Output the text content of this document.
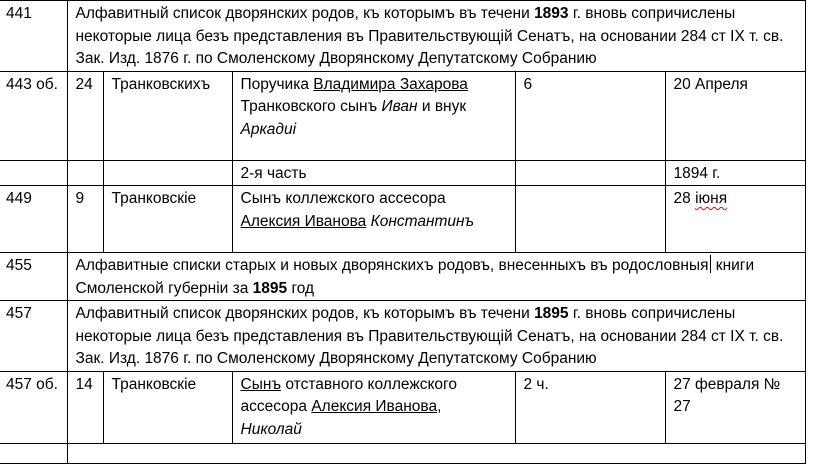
441	Алфавитный список дворянских родов, къ которымъ въ течени 1893 г. вновь сопричислены некоторые лица безъ представления въ Правительствующій Сенатъ, на основании 284 ст IX т. св. Зак. Изд. 1876 г. по Смоленскому Дворянскому Депутатскому Собранию				
443 об.	24	Транковскихъ	Поручика Владимира Захарова Транковского сынъ Иван и внук Аркадиі	6	20 Апреля
			2-я часть		1894 г.
449	9	Транковскіе	Сынъ коллежского ассесора Алексия Иванова Константинъ		28 іюня
455	Алфавитные списки старых и новых дворянскихъ родовъ, внесенныхъ въ родословныя книги Смоленской губерніи за 1895 год				
457	Алфавитный список дворянских родов, къ которымъ въ течени 1895 г. вновь сопричислены некоторые лица безъ представления въ Правительствующій Сенатъ, на основании 284 ст IX т. св. Зак. Изд. 1876 г. по Смоленскому Дворянскому Депутатскому Собранию				
457 об.	14	Транковскіе	Сынъ отставного коллежского ассесора Алексия Иванова, Николай	2 ч.	27 февраля № 27
